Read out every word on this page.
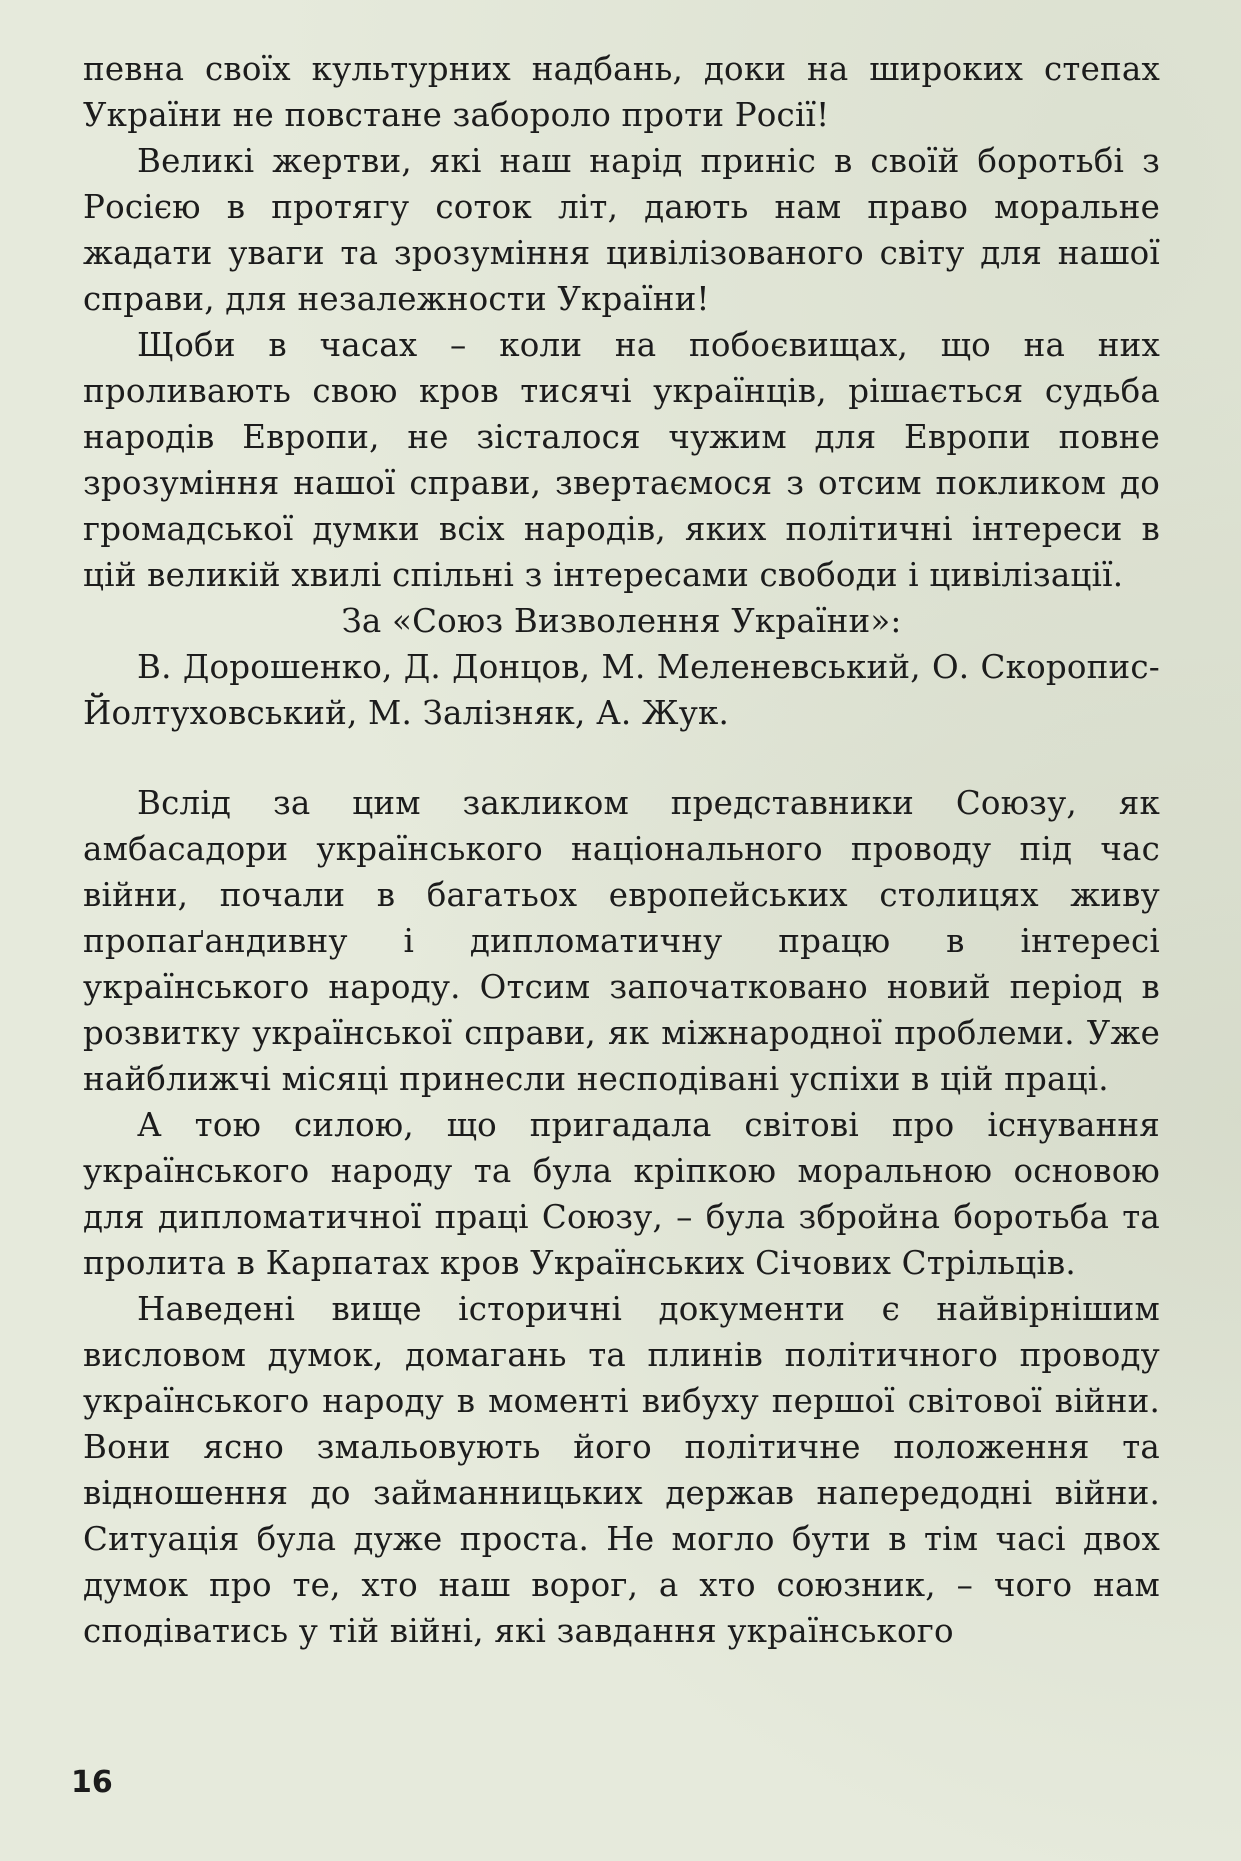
певна своїх культурних надбань, доки на широких степах України не повстане заборолo проти Росії!

Великі жертви, які наш нарід приніс в своїй боротьбі з Росією в протягу соток літ, дають нам право моральне жадати уваги та зрозуміння цивілізованого світу для нашої справи, для незалежности України!

Щоби в часах – коли на побоєвищах, що на них проливають свою кров тисячі українців, рішається судьба народів Европи, не зісталося чужим для Европи повне зрозуміння нашої справи, звертаємося з отсим покликом до громадської думки всіх народів, яких політичні інтереси в цій великій хвилі спільні з інтересами свободи і цивілізації.

За «Союз Визволення України»:

В. Дорошенко, Д. Донцов, М. Меленевський, О. Скоропис-Йолтуховський, М. Залізняк, А. Жук.

Вслід за цим закликом представники Союзу, як амбасадори українського національного проводу під час війни, почали в багатьох европейських столицях живу пропаґандивну і дипломатичну працю в інтересі українського народу. Отсим започатковано новий період в розвитку української справи, як міжнародної проблеми. Уже найближчі місяці принесли несподівані успіхи в цій праці.

А тою силою, що пригадала світові про існування українського народу та була кріпкою моральною основою для дипломатичної праці Союзу, – була збройна боротьба та пролита в Карпатах кров Українських Січових Стрільців.

Наведені вище історичні документи є найвірнішим висловом думок, домагань та плинів політичного проводу українського народу в моменті вибуху першої світової війни. Вони ясно змальовують його політичне положення та відношення до займанницьких держав напередодні війни. Ситуація була дуже проста. Не могло бути в тім часі двох думок про те, хто наш ворог, а хто союзник, – чого нам сподіватись у тій війні, які завдання українського

16
